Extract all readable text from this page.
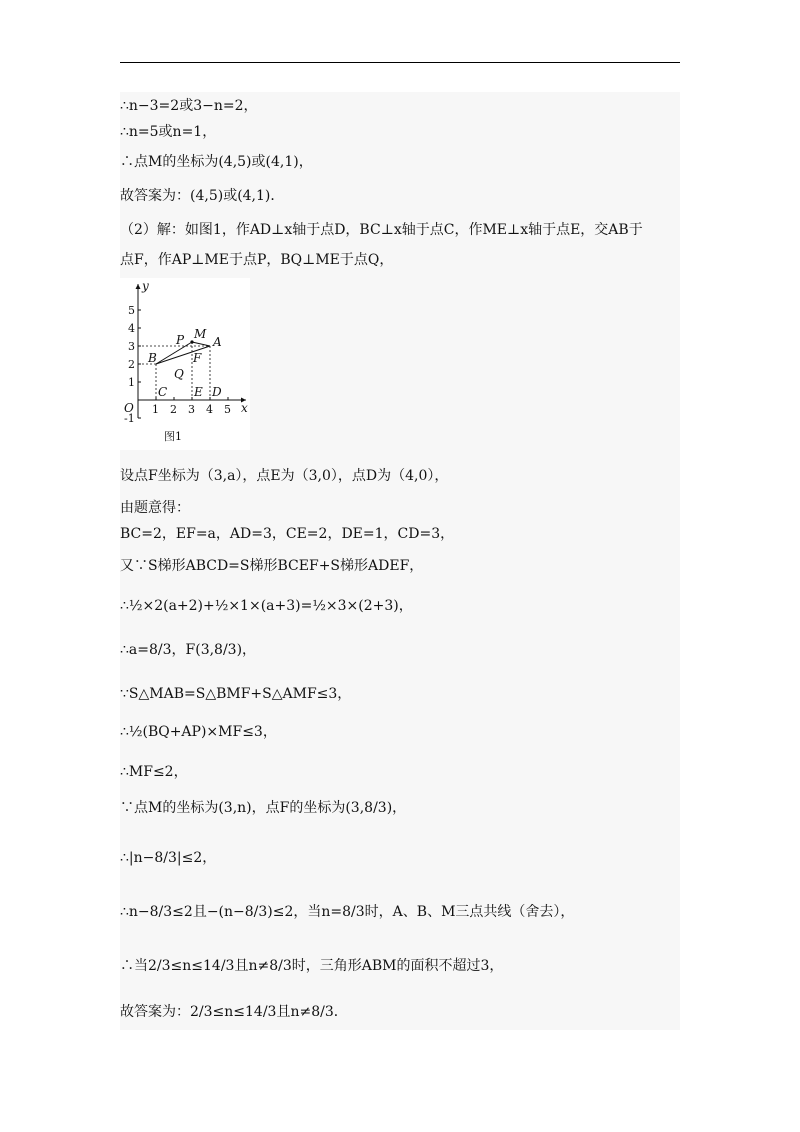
∴n−3=2或3−n=2，
∴n=5或n=1，
∴点M的坐标为(4,5)或(4,1)，
故答案为：(4,5)或(4,1)．
（2）解：如图1，作AD⊥x轴于点D，BC⊥x轴于点C，作ME⊥x轴于点E，交AB于
点F，作AP⊥ME于点P，BQ⊥ME于点Q，
y
x
A
B
M
P
F
Q
C E D
O 1 2 3 4 5
1
2
3
4
5
-1
图1
设点F坐标为（3,a），点E为（3,0），点D为（4,0），
由题意得：
BC=2，EF=a，AD=3，CE=2，DE=1，CD=3，
又∵S梯形ABCD=S梯形BCEF+S梯形ADEF，
∴½×2(a+2)+½×1×(a+3)=½×3×(2+3)，
∴a=8/3，F(3,8/3)，
∵S△MAB=S△BMF+S△AMF≤3，
∴½(BQ+AP)×MF≤3，
∴MF≤2，
∵点M的坐标为(3,n)，点F的坐标为(3,8/3)，
∴|n−8/3|≤2，
∴n−8/3≤2且−(n−8/3)≤2，当n=8/3时，A、B、M三点共线（舍去），
∴当2/3≤n≤14/3且n≠8/3时，三角形ABM的面积不超过3，
故答案为：2/3≤n≤14/3且n≠8/3．
